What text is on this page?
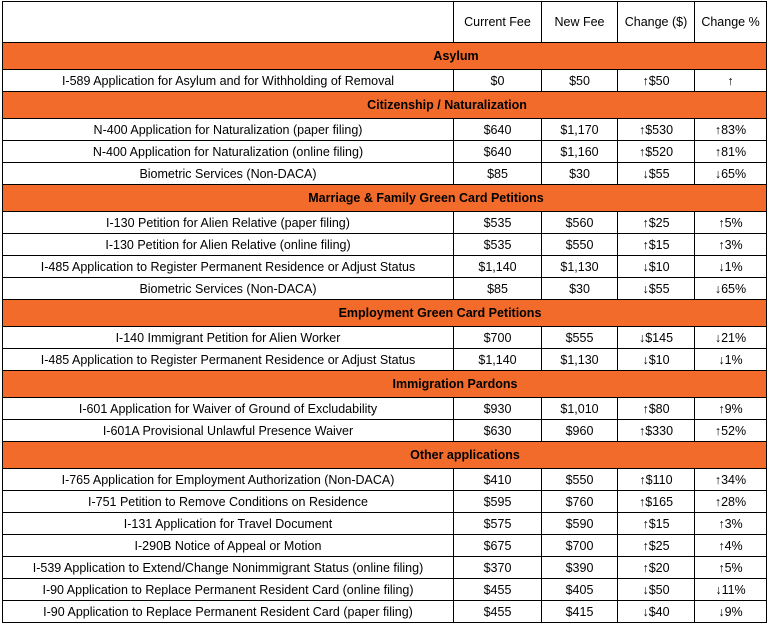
	Current Fee	New Fee	Change ($)	Change %
Asylum				
I-589 Application for Asylum and for Withholding of Removal	$0	$50	↑$50	↑
Citizenship / Naturalization				
N-400 Application for Naturalization (paper filing)	$640	$1,170	↑$530	↑83%
N-400 Application for Naturalization (online filing)	$640	$1,160	↑$520	↑81%
Biometric Services (Non-DACA)	$85	$30	↓$55	↓65%
Marriage & Family Green Card Petitions				
I-130 Petition for Alien Relative (paper filing)	$535	$560	↑$25	↑5%
I-130 Petition for Alien Relative (online filing)	$535	$550	↑$15	↑3%
I-485 Application to Register Permanent Residence or Adjust Status	$1,140	$1,130	↓$10	↓1%
Biometric Services (Non-DACA)	$85	$30	↓$55	↓65%
Employment Green Card Petitions				
I-140 Immigrant Petition for Alien Worker	$700	$555	↓$145	↓21%
I-485 Application to Register Permanent Residence or Adjust Status	$1,140	$1,130	↓$10	↓1%
Immigration Pardons				
I-601 Application for Waiver of Ground of Excludability	$930	$1,010	↑$80	↑9%
I-601A Provisional Unlawful Presence Waiver	$630	$960	↑$330	↑52%
Other applications				
I-765 Application for Employment Authorization (Non-DACA)	$410	$550	↑$110	↑34%
I-751 Petition to Remove Conditions on Residence	$595	$760	↑$165	↑28%
I-131 Application for Travel Document	$575	$590	↑$15	↑3%
I-290B Notice of Appeal or Motion	$675	$700	↑$25	↑4%
I-539 Application to Extend/Change Nonimmigrant Status (online filing)	$370	$390	↑$20	↑5%
I-90 Application to Replace Permanent Resident Card (online filing)	$455	$405	↓$50	↓11%
I-90 Application to Replace Permanent Resident Card (paper filing)	$455	$415	↓$40	↓9%
